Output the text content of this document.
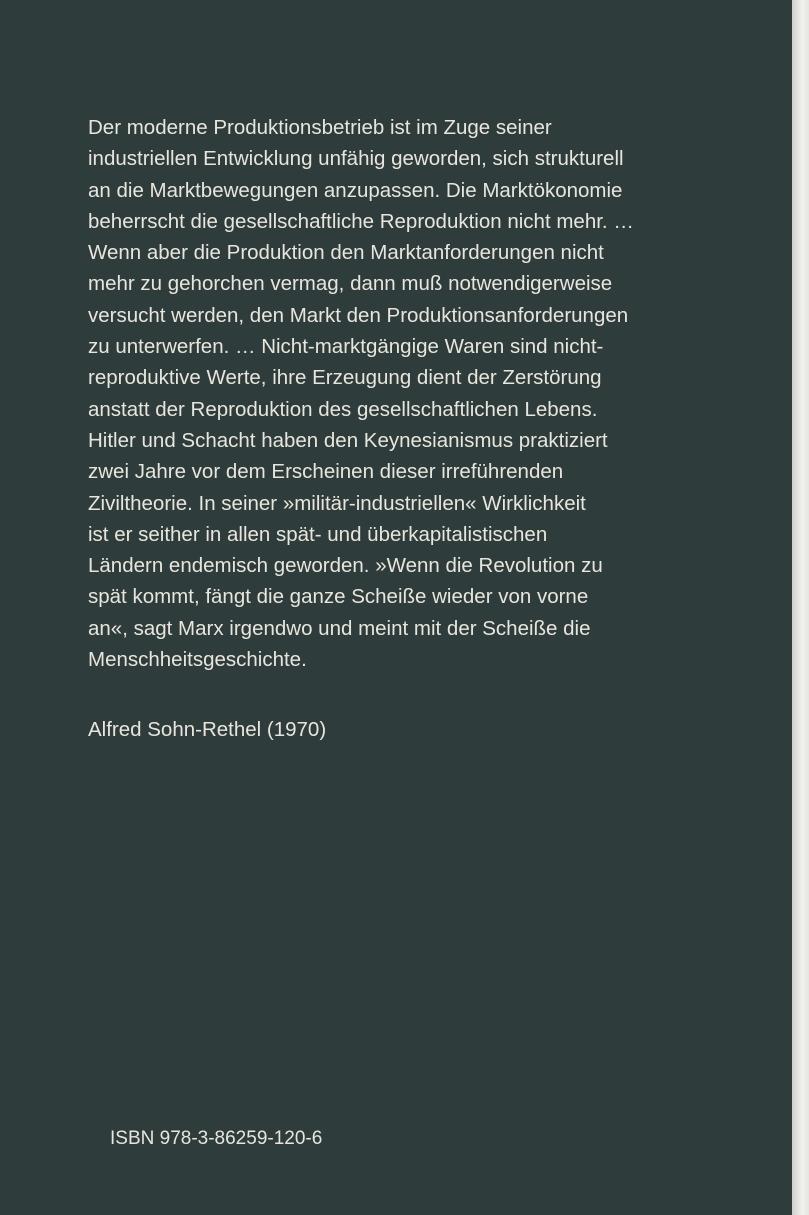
Der moderne Produktionsbetrieb ist im Zuge seiner
industriellen Entwicklung unfähig geworden, sich strukturell
an die Marktbewegungen anzupassen. Die Marktökonomie
beherrscht die gesellschaftliche Reproduktion nicht mehr. …
Wenn aber die Produktion den Marktanforderungen nicht
mehr zu gehorchen vermag, dann muß notwendigerweise
versucht werden, den Markt den Produktionsanforderungen
zu unterwerfen. … Nicht-marktgängige Waren sind nicht-
reproduktive Werte, ihre Erzeugung dient der Zerstörung
anstatt der Reproduktion des gesellschaftlichen Lebens.
Hitler und Schacht haben den Keynesianismus praktiziert
zwei Jahre vor dem Erscheinen dieser irreführenden
Ziviltheorie. In seiner »militär-industriellen« Wirklichkeit
ist er seither in allen spät- und überkapitalistischen
Ländern endemisch geworden. »Wenn die Revolution zu
spät kommt, fängt die ganze Scheiße wieder von vorne
an«, sagt Marx irgendwo und meint mit der Scheiße die
Menschheitsgeschichte.
Alfred Sohn-Rethel (1970)
ISBN 978-3-86259-120-6
